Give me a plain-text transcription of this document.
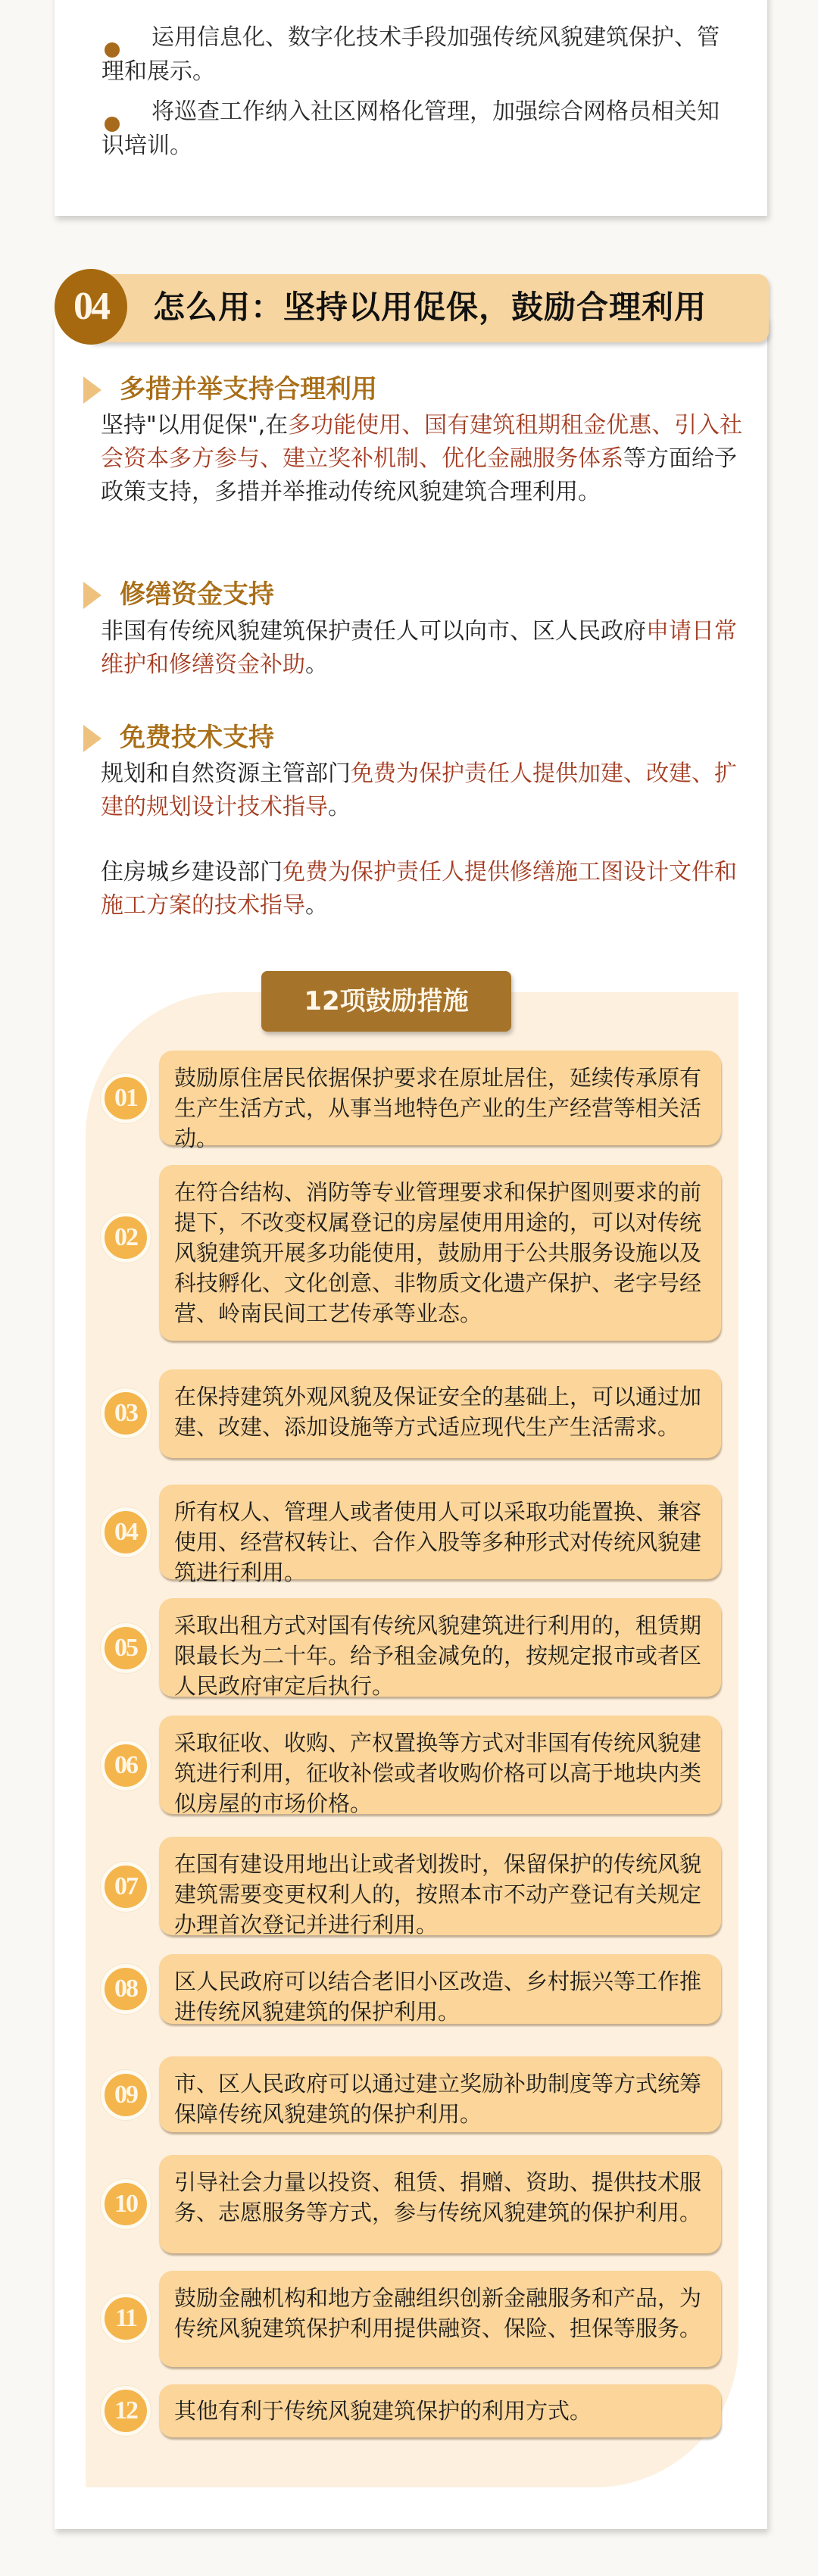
运用信息化、数字化技术手段加强传统风貌建筑保护、管理和展示。
将巡查工作纳入社区网格化管理，加强综合网格员相关知识培训。
04	怎么用：坚持以用促保，鼓励合理利用
多措并举支持合理利用
坚持"以用促保",在多功能使用、国有建筑租期租金优惠、引入社会资本多方参与、建立奖补机制、优化金融服务体系等方面给予政策支持，多措并举推动传统风貌建筑合理利用。
修缮资金支持
非国有传统风貌建筑保护责任人可以向市、区人民政府申请日常维护和修缮资金补助。
免费技术支持
规划和自然资源主管部门免费为保护责任人提供加建、改建、扩建的规划设计技术指导。
住房城乡建设部门免费为保护责任人提供修缮施工图设计文件和施工方案的技术指导。
12项鼓励措施
01
鼓励原住居民依据保护要求在原址居住，延续传承原有生产生活方式，从事当地特色产业的生产经营等相关活动。
02
在符合结构、消防等专业管理要求和保护图则要求的前提下，不改变权属登记的房屋使用用途的，可以对传统风貌建筑开展多功能使用，鼓励用于公共服务设施以及科技孵化、文化创意、非物质文化遗产保护、老字号经营、岭南民间工艺传承等业态。
03
在保持建筑外观风貌及保证安全的基础上，可以通过加建、改建、添加设施等方式适应现代生产生活需求。
04
所有权人、管理人或者使用人可以采取功能置换、兼容使用、经营权转让、合作入股等多种形式对传统风貌建筑进行利用。
05
采取出租方式对国有传统风貌建筑进行利用的，租赁期限最长为二十年。给予租金减免的，按规定报市或者区人民政府审定后执行。
06
采取征收、收购、产权置换等方式对非国有传统风貌建筑进行利用，征收补偿或者收购价格可以高于地块内类似房屋的市场价格。
07
在国有建设用地出让或者划拨时，保留保护的传统风貌建筑需要变更权利人的，按照本市不动产登记有关规定办理首次登记并进行利用。
08	区人民政府可以结合老旧小区改造、乡村振兴等工作推进传统风貌建筑的保护利用。
09	市、区人民政府可以通过建立奖励补助制度等方式统筹保障传统风貌建筑的保护利用。
10
引导社会力量以投资、租赁、捐赠、资助、提供技术服务、志愿服务等方式，参与传统风貌建筑的保护利用。
11
鼓励金融机构和地方金融组织创新金融服务和产品，为传统风貌建筑保护利用提供融资、保险、担保等服务。
12	其他有利于传统风貌建筑保护的利用方式。
